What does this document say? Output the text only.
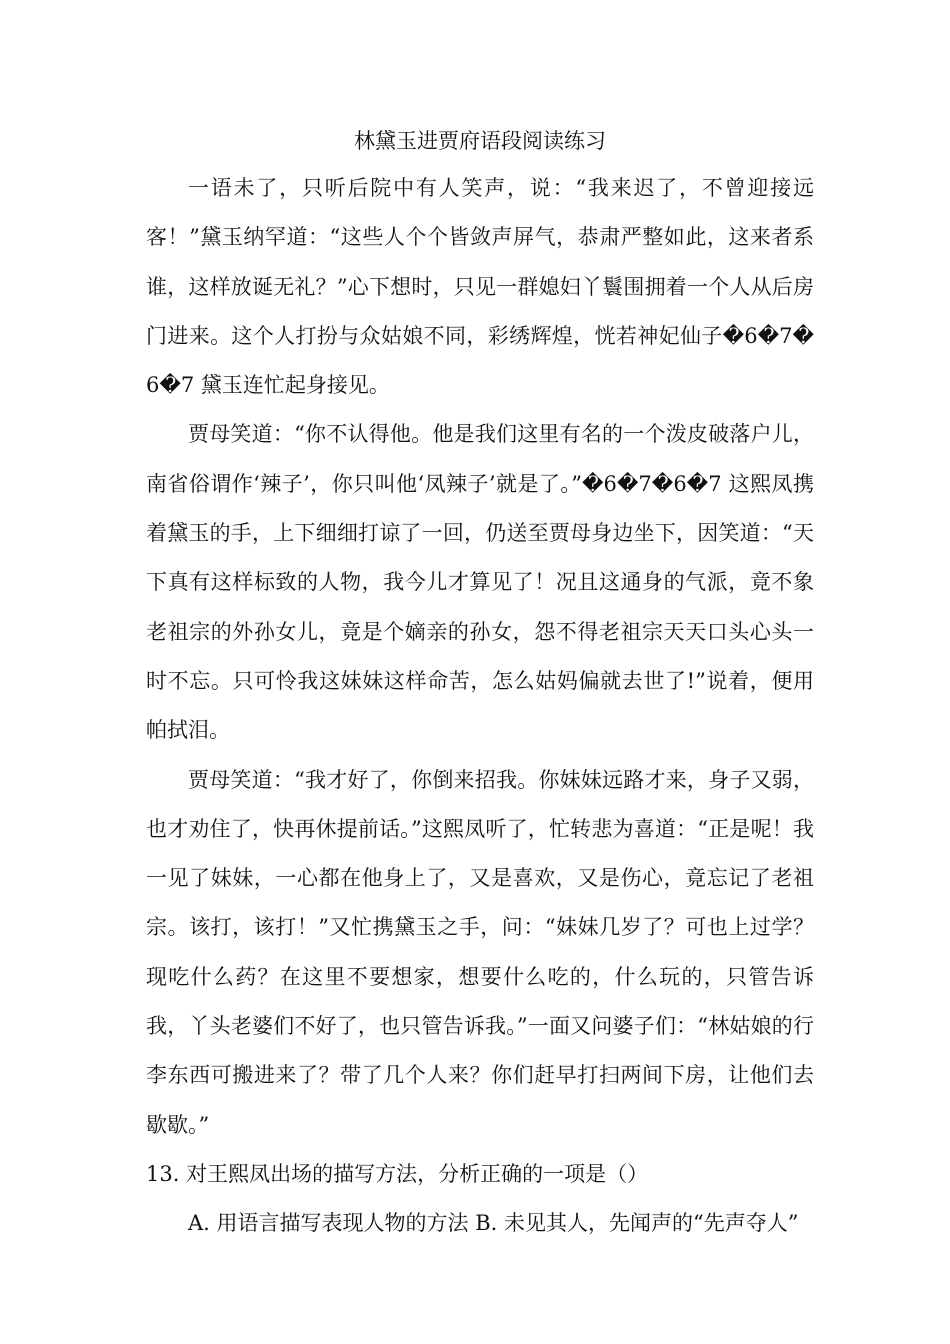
林黛玉进贾府语段阅读练习

一语未了，只听后院中有人笑声，说：“我来迟了，不曾迎接远客！”黛玉纳罕道：“这些人个个皆敛声屏气，恭肃严整如此，这来者系谁，这样放诞无礼？”心下想时，只见一群媳妇丫鬟围拥着一个人从后房门进来。这个人打扮与众姑娘不同，彩绣辉煌，恍若神妃仙子�6�7�6�7 黛玉连忙起身接见。

贾母笑道：“你不认得他。他是我们这里有名的一个泼皮破落户儿，南省俗谓作‘辣子’，你只叫他‘凤辣子’就是了。”�6�7�6�7 这熙凤携着黛玉的手，上下细细打谅了一回，仍送至贾母身边坐下，因笑道：“天下真有这样标致的人物，我今儿才算见了！况且这通身的气派，竟不象老祖宗的外孙女儿，竟是个嫡亲的孙女，怨不得老祖宗天天口头心头一时不忘。只可怜我这妹妹这样命苦，怎么姑妈偏就去世了!”说着，便用帕拭泪。

贾母笑道：“我才好了，你倒来招我。你妹妹远路才来，身子又弱，也才劝住了，快再休提前话。”这熙凤听了，忙转悲为喜道：“正是呢！我一见了妹妹，一心都在他身上了，又是喜欢，又是伤心，竟忘记了老祖宗。该打，该打！”又忙携黛玉之手，问：“妹妹几岁了？可也上过学？现吃什么药？在这里不要想家，想要什么吃的，什么玩的，只管告诉我，丫头老婆们不好了，也只管告诉我。”一面又问婆子们：“林姑娘的行李东西可搬进来了？带了几个人来？你们赶早打扫两间下房，让他们去歇歇。”

13. 对王熙凤出场的描写方法，分析正确的一项是（）

A. 用语言描写表现人物的方法 B. 未见其人，先闻声的“先声夺人”
